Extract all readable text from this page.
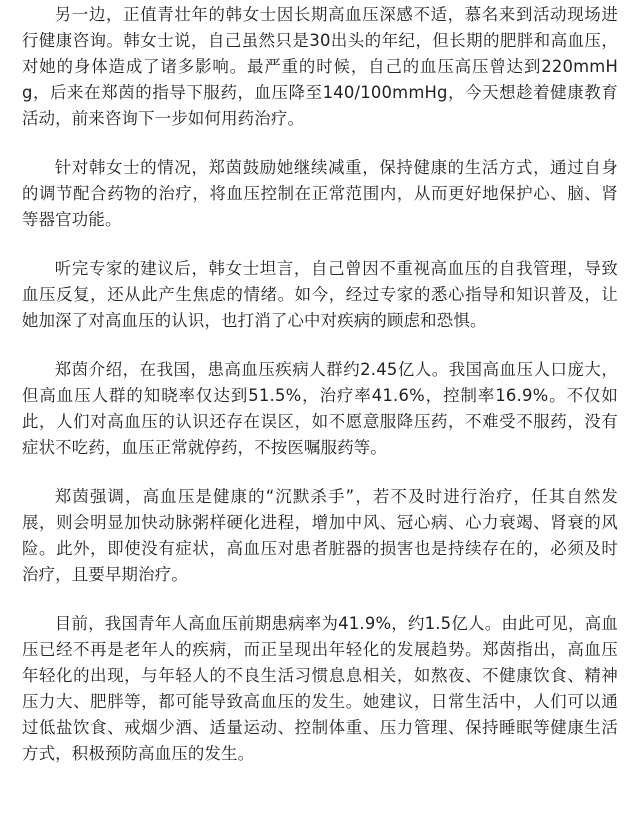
另一边，正值青壮年的韩女士因长期高血压深感不适，慕名来到活动现场进行健康咨询。韩女士说，自己虽然只是30出头的年纪，但长期的肥胖和高血压，对她的身体造成了诸多影响。最严重的时候，自己的血压高压曾达到220mmHg，后来在郑茵的指导下服药，血压降至140/100mmHg，今天想趁着健康教育活动，前来咨询下一步如何用药治疗。

针对韩女士的情况，郑茵鼓励她继续减重，保持健康的生活方式，通过自身的调节配合药物的治疗，将血压控制在正常范围内，从而更好地保护心、脑、肾等器官功能。

听完专家的建议后，韩女士坦言，自己曾因不重视高血压的自我管理，导致血压反复，还从此产生焦虑的情绪。如今，经过专家的悉心指导和知识普及，让她加深了对高血压的认识，也打消了心中对疾病的顾虑和恐惧。

郑茵介绍，在我国，患高血压疾病人群约2.45亿人。我国高血压人口庞大，但高血压人群的知晓率仅达到51.5%，治疗率41.6%，控制率16.9%。不仅如此，人们对高血压的认识还存在误区，如不愿意服降压药，不难受不服药，没有症状不吃药，血压正常就停药，不按医嘱服药等。

郑茵强调，高血压是健康的“沉默杀手”，若不及时进行治疗，任其自然发展，则会明显加快动脉粥样硬化进程，增加中风、冠心病、心力衰竭、肾衰的风险。此外，即使没有症状，高血压对患者脏器的损害也是持续存在的，必须及时治疗，且要早期治疗。

目前，我国青年人高血压前期患病率为41.9%，约1.5亿人。由此可见，高血压已经不再是老年人的疾病，而正呈现出年轻化的发展趋势。郑茵指出，高血压年轻化的出现，与年轻人的不良生活习惯息息相关，如熬夜、不健康饮食、精神压力大、肥胖等，都可能导致高血压的发生。她建议，日常生活中，人们可以通过低盐饮食、戒烟少酒、适量运动、控制体重、压力管理、保持睡眠等健康生活方式，积极预防高血压的发生。
